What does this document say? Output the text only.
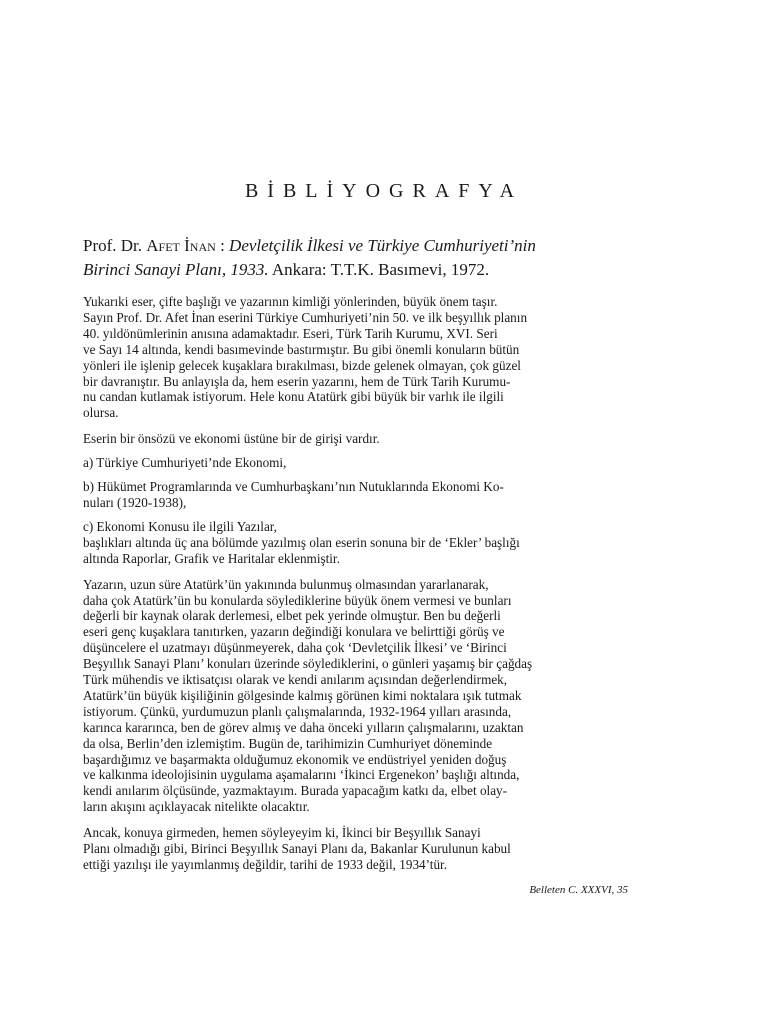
BİBLİYOGRAFYA
Prof. Dr. Afet İnan : Devletçilik İlkesi ve Türkiye Cumhuriyeti’nin
Birinci Sanayi Planı, 1933. Ankara: T.T.K. Basımevi, 1972.
Yukarıki eser, çifte başlığı ve yazarının kimliği yönlerinden, büyük önem taşır.
Sayın Prof. Dr. Afet İnan eserini Türkiye Cumhuriyeti’nin 50. ve ilk beşyıllık planın
40. yıldönümlerinin anısına adamaktadır. Eseri, Türk Tarih Kurumu, XVI. Seri
ve Sayı 14 altında, kendi basımevinde bastırmıştır. Bu gibi önemli konuların bütün
yönleri ile işlenip gelecek kuşaklara bırakılması, bizde gelenek olmayan, çok güzel
bir davranıştır. Bu anlayışla da, hem eserin yazarını, hem de Türk Tarih Kurumu-
nu candan kutlamak istiyorum. Hele konu Atatürk gibi büyük bir varlık ile ilgili
olursa.
Eserin bir önsözü ve ekonomi üstüne bir de girişi vardır.
a) Türkiye Cumhuriyeti’nde Ekonomi,
b) Hükümet Programlarında ve Cumhurbaşkanı’nın Nutuklarında Ekonomi Ko-
nuları (1920-1938),
c) Ekonomi Konusu ile ilgili Yazılar,
başlıkları altında üç ana bölümde yazılmış olan eserin sonuna bir de ‘Ekler’ başlığı
altında Raporlar, Grafik ve Haritalar eklenmiştir.
Yazarın, uzun süre Atatürk’ün yakınında bulunmuş olmasından yararlanarak,
daha çok Atatürk’ün bu konularda söylediklerine büyük önem vermesi ve bunları
değerli bir kaynak olarak derlemesi, elbet pek yerinde olmuştur. Ben bu değerli
eseri genç kuşaklara tanıtırken, yazarın değindiği konulara ve belirttiği görüş ve
düşüncelere el uzatmayı düşünmeyerek, daha çok ‘Devletçilik İlkesi’ ve ‘Birinci
Beşyıllık Sanayi Planı’ konuları üzerinde söylediklerini, o günleri yaşamış bir çağdaş
Türk mühendis ve iktisatçısı olarak ve kendi anılarım açısından değerlendirmek,
Atatürk’ün büyük kişiliğinin gölgesinde kalmış görünen kimi noktalara ışık tutmak
istiyorum. Çünkü, yurdumuzun planlı çalışmalarında, 1932-1964 yılları arasında,
karınca kararınca, ben de görev almış ve daha önceki yılların çalışmalarını, uzaktan
da olsa, Berlin’den izlemiştim. Bugün de, tarihimizin Cumhuriyet döneminde
başardığımız ve başarmakta olduğumuz ekonomik ve endüstriyel yeniden doğuş
ve kalkınma ideolojisinin uygulama aşamalarını ‘İkinci Ergenekon’ başlığı altında,
kendi anılarım ölçüsünde, yazmaktayım. Burada yapacağım katkı da, elbet olay-
ların akışını açıklayacak nitelikte olacaktır.
Ancak, konuya girmeden, hemen söyleyeyim ki, İkinci bir Beşyıllık Sanayi
Planı olmadığı gibi, Birinci Beşyıllık Sanayi Planı da, Bakanlar Kurulunun kabul
ettiği yazılışı ile yayımlanmış değildir, tarihi de 1933 değil, 1934’tür.
Belleten C. XXXVI, 35
